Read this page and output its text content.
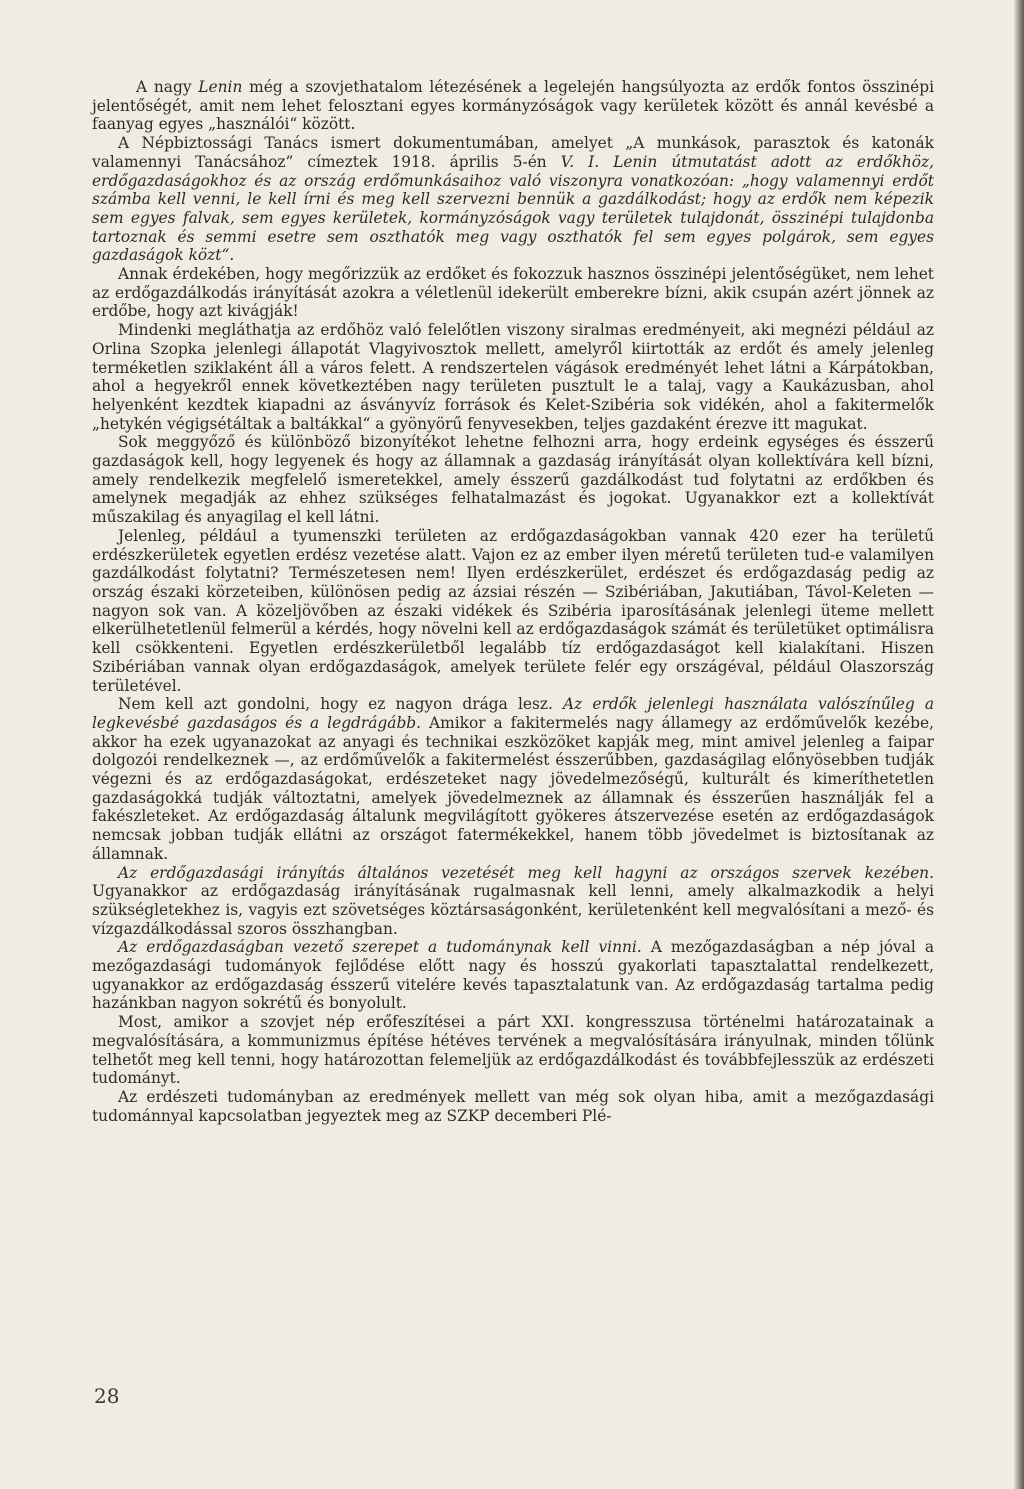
A nagy Lenin még a szovjethatalom létezésének a legelején hangsúlyozta az erdők fontos összinépi jelentőségét, amit nem lehet felosztani egyes kormányzóságok vagy kerületek között és annál kevésbé a faanyag egyes „használói“ között.

A Népbiztossági Tanács ismert dokumentumában, amelyet „A munkások, parasztok és katonák valamennyi Tanácsához” címeztek 1918. április 5-én V. I. Lenin útmutatást adott az erdőkhöz, erdőgazdaságokhoz és az ország erdőmunkásaihoz való viszonyra vonatkozóan: „hogy valamennyi erdőt számba kell venni, le kell írni és meg kell szervezni bennük a gazdálkodást; hogy az erdők nem képezik sem egyes falvak, sem egyes kerületek, kormányzóságok vagy területek tulajdonát, összinépi tulajdonba tartoznak és semmi esetre sem oszthatók meg vagy oszthatók fel sem egyes polgárok, sem egyes gazdaságok közt“.

Annak érdekében, hogy megőrizzük az erdőket és fokozzuk hasznos összinépi jelentőségüket, nem lehet az erdőgazdálkodás irányítását azokra a véletlenül idekerült emberekre bízni, akik csupán azért jönnek az erdőbe, hogy azt kivágják!

Mindenki megláthatja az erdőhöz való felelőtlen viszony siralmas eredményeit, aki megnézi például az Orlina Szopka jelenlegi állapotát Vlagyivosztok mellett, amelyről kiirtották az erdőt és amely jelenleg terméketlen sziklaként áll a város felett. A rendszertelen vágások eredményét lehet látni a Kárpátokban, ahol a hegyekről ennek következtében nagy területen pusztult le a talaj, vagy a Kaukázusban, ahol helyenként kezdtek kiapadni az ásványvíz források és Kelet-Szibéria sok vidékén, ahol a fakitermelők „hetykén végigsétáltak a baltákkal“ a gyönyörű fenyvesekben, teljes gazdaként érezve itt magukat.

Sok meggyőző és különböző bizonyítékot lehetne felhozni arra, hogy erdeink egységes és ésszerű gazdaságok kell, hogy legyenek és hogy az államnak a gazdaság irányítását olyan kollektívára kell bízni, amely rendelkezik megfelelő ismeretekkel, amely ésszerű gazdálkodást tud folytatni az erdőkben és amelynek megadják az ehhez szükséges felhatalmazást és jogokat. Ugyanakkor ezt a kollektívát műszakilag és anyagilag el kell látni.

Jelenleg, például a tyumenszki területen az erdőgazdaságokban vannak 420 ezer ha területű erdészkerületek egyetlen erdész vezetése alatt. Vajon ez az ember ilyen méretű területen tud-e valamilyen gazdálkodást folytatni? Természetesen nem! Ilyen erdészkerület, erdészet és erdőgazdaság pedig az ország északi körzeteiben, különösen pedig az ázsiai részén — Szibériában, Jakutiában, Távol-Keleten — nagyon sok van. A közeljövőben az északi vidékek és Szibéria iparosításának jelenlegi üteme mellett elkerülhetetlenül felmerül a kérdés, hogy növelni kell az erdőgazdaságok számát és területüket optimálisra kell csökkenteni. Egyetlen erdészkerületből legalább tíz erdőgazdaságot kell kialakítani. Hiszen Szibériában vannak olyan erdőgazdaságok, amelyek területe felér egy országéval, például Olaszország területével.

Nem kell azt gondolni, hogy ez nagyon drága lesz. Az erdők jelenlegi használata valószínűleg a legkevésbé gazdaságos és a legdrágább. Amikor a fakitermelés nagy államegy az erdőművelők kezébe, akkor ha ezek ugyanazokat az anyagi és technikai eszközöket kapják meg, mint amivel jelenleg a faipar dolgozói rendelkeznek —, az erdőművelők a fakitermelést ésszerűbben, gazdaságilag előnyösebben tudják végezni és az erdőgazdaságokat, erdészeteket nagy jövedelmezőségű, kulturált és kimeríthetetlen gazdaságokká tudják változtatni, amelyek jövedelmeznek az államnak és ésszerűen használják fel a fakészleteket. Az erdőgazdaság általunk megvilágított gyökeres átszervezése esetén az erdőgazdaságok nemcsak jobban tudják ellátni az országot fatermékekkel, hanem több jövedelmet is biztosítanak az államnak.

Az erdőgazdasági irányítás általános vezetését meg kell hagyni az országos szervek kezében. Ugyanakkor az erdőgazdaság irányításának rugalmasnak kell lenni, amely alkalmazkodik a helyi szükségletekhez is, vagyis ezt szövetséges köztársaságonként, kerületenként kell megvalósítani a mező- és vízgazdálkodással szoros összhangban.

Az erdőgazdaságban vezető szerepet a tudománynak kell vinni. A mezőgazdaságban a nép jóval a mezőgazdasági tudományok fejlődése előtt nagy és hosszú gyakorlati tapasztalattal rendelkezett, ugyanakkor az erdőgazdaság ésszerű vitelére kevés tapasztalatunk van. Az erdőgazdaság tartalma pedig hazánkban nagyon sokrétű és bonyolult.

Most, amikor a szovjet nép erőfeszítései a párt XXI. kongresszusa történelmi határozatainak a megvalósítására, a kommunizmus építése hétéves tervének a megvalósítására irányulnak, minden tőlünk telhetőt meg kell tenni, hogy határozottan felemeljük az erdőgazdálkodást és továbbfejlesszük az erdészeti tudományt.

Az erdészeti tudományban az eredmények mellett van még sok olyan hiba, amit a mezőgazdasági tudománnyal kapcsolatban jegyeztek meg az SZKP decemberi Plé-

28
